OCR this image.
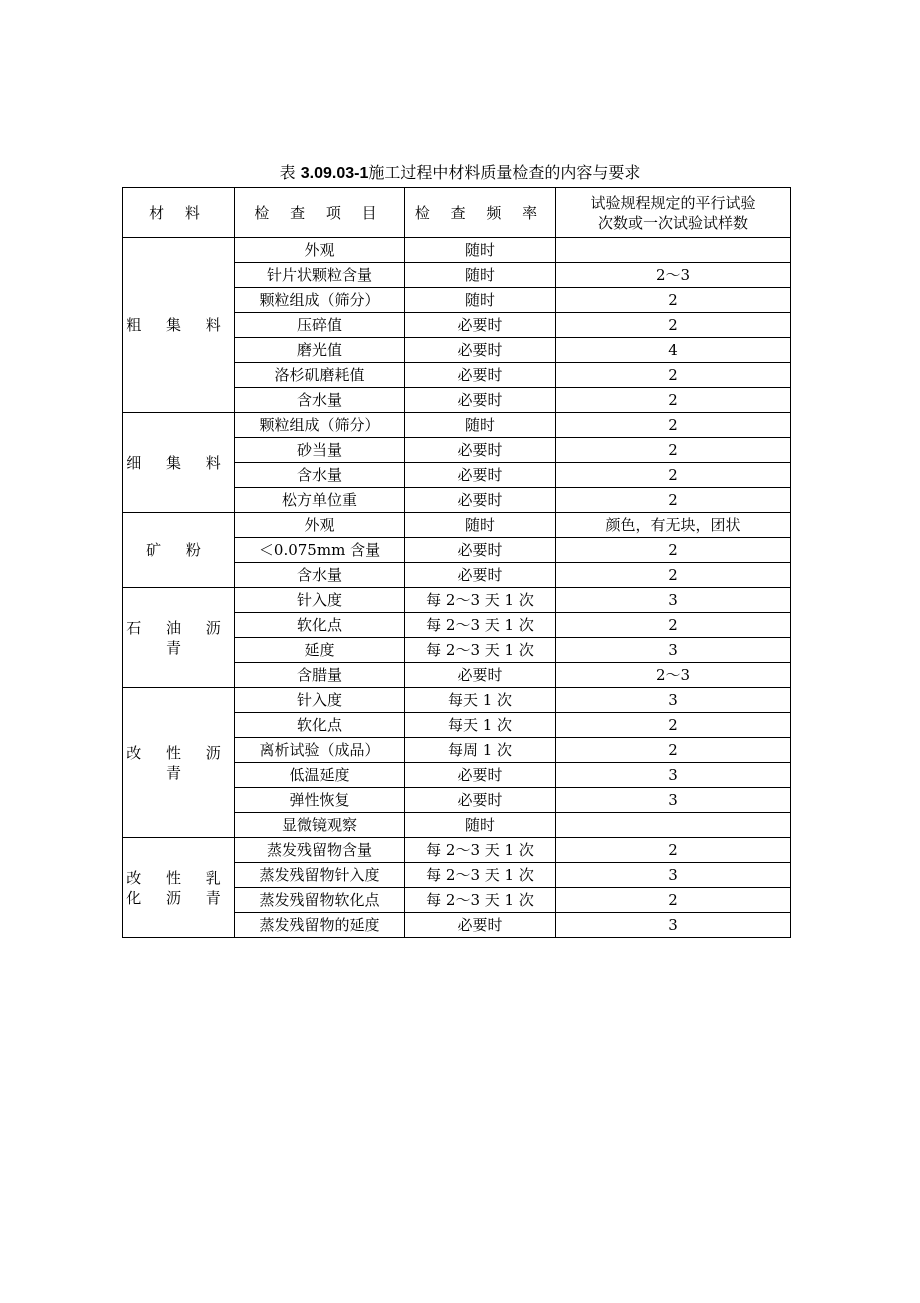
表 3.09.03-1施工过程中材料质量检查的内容与要求
材 料	检 查 项 目	检 查 频 率	试验规程规定的平行试验
次数或一次试验试样数

粗 集 料	外观	随时	
	针片状颗粒含量	随时	2～3
	颗粒组成（筛分）	随时	2
	压碎值	必要时	2
	磨光值	必要时	4
	洛杉矶磨耗值	必要时	2
	含水量	必要时	2
细 集 料	颗粒组成（筛分）	随时	2
	砂当量	必要时	2
	含水量	必要时	2
	松方单位重	必要时	2
矿 粉	外观	随时	颜色，有无块，团状
	＜0.075mm 含量	必要时	2
	含水量	必要时	2
石 油 沥 青	针入度	每 2～3 天 1 次	3
	软化点	每 2～3 天 1 次	2
	延度	每 2～3 天 1 次	3
	含腊量	必要时	2～3
改 性 沥 青	针入度	每天 1 次	3
	软化点	每天 1 次	2
	离析试验（成品）	每周 1 次	2
	低温延度	必要时	3
	弹性恢复	必要时	3
	显微镜观察	随时	
改 性 乳 化 沥 青	蒸发残留物含量	每 2～3 天 1 次	2
	蒸发残留物针入度	每 2～3 天 1 次	3
	蒸发残留物软化点	每 2～3 天 1 次	2
	蒸发残留物的延度	必要时	3
